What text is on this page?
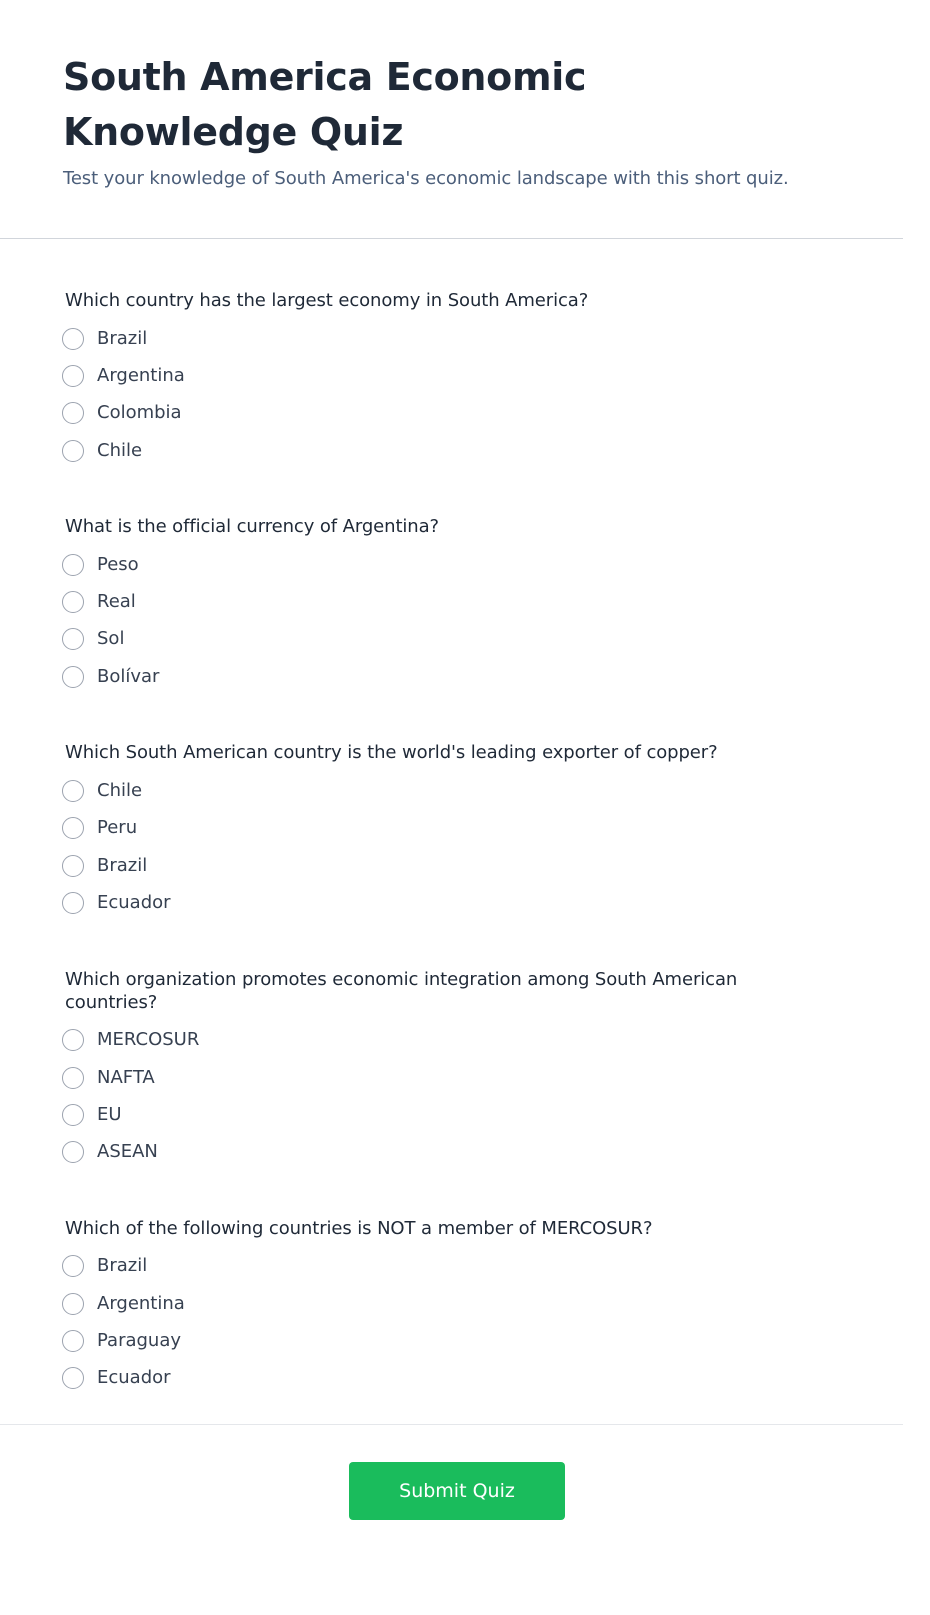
South America Economic Knowledge Quiz

Test your knowledge of South America's economic landscape with this short quiz.

Which country has the largest economy in South America?
Brazil
Argentina
Colombia
Chile
What is the official currency of Argentina?
Peso
Real
Sol
Bolívar
Which South American country is the world's leading exporter of copper?
Chile
Peru
Brazil
Ecuador
Which organization promotes economic integration among South American countries?
MERCOSUR
NAFTA
EU
ASEAN
Which of the following countries is NOT a member of MERCOSUR?
Brazil
Argentina
Paraguay
Ecuador
Submit Quiz
